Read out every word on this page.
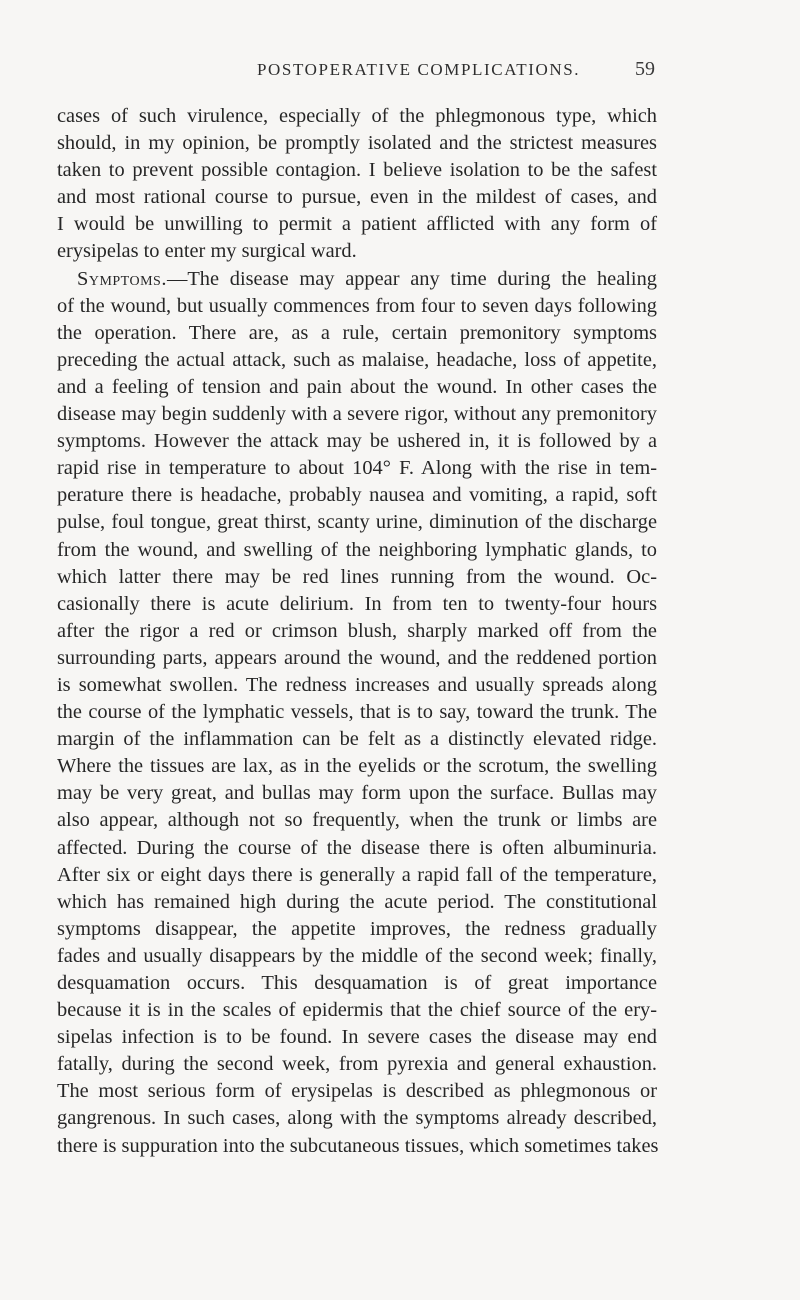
POSTOPERATIVE COMPLICATIONS.	59
cases of such virulence, especially of the phlegmonous type, which
should, in my opinion, be promptly isolated and the strictest measures
taken to prevent possible contagion. I believe isolation to be the safest
and most rational course to pursue, even in the mildest of cases, and
I would be unwilling to permit a patient afflicted with any form of
erysipelas to enter my surgical ward.
Symptoms.—The disease may appear any time during the healing
of the wound, but usually commences from four to seven days following
the operation. There are, as a rule, certain premonitory symptoms
preceding the actual attack, such as malaise, headache, loss of appetite,
and a feeling of tension and pain about the wound. In other cases the
disease may begin suddenly with a severe rigor, without any premonitory
symptoms. However the attack may be ushered in, it is followed by a
rapid rise in temperature to about 104° F. Along with the rise in tem-
perature there is headache, probably nausea and vomiting, a rapid, soft
pulse, foul tongue, great thirst, scanty urine, diminution of the discharge
from the wound, and swelling of the neighboring lymphatic glands, to
which latter there may be red lines running from the wound. Oc-
casionally there is acute delirium. In from ten to twenty-four hours
after the rigor a red or crimson blush, sharply marked off from the
surrounding parts, appears around the wound, and the reddened portion
is somewhat swollen. The redness increases and usually spreads along
the course of the lymphatic vessels, that is to say, toward the trunk. The
margin of the inflammation can be felt as a distinctly elevated ridge.
Where the tissues are lax, as in the eyelids or the scrotum, the swelling
may be very great, and bullas may form upon the surface. Bullas may
also appear, although not so frequently, when the trunk or limbs are
affected. During the course of the disease there is often albuminuria.
After six or eight days there is generally a rapid fall of the temperature,
which has remained high during the acute period. The constitutional
symptoms disappear, the appetite improves, the redness gradually
fades and usually disappears by the middle of the second week; finally,
desquamation occurs. This desquamation is of great importance
because it is in the scales of epidermis that the chief source of the ery-
sipelas infection is to be found. In severe cases the disease may end
fatally, during the second week, from pyrexia and general exhaustion.
The most serious form of erysipelas is described as phlegmonous or
gangrenous. In such cases, along with the symptoms already described,
there is suppuration into the subcutaneous tissues, which sometimes takes
